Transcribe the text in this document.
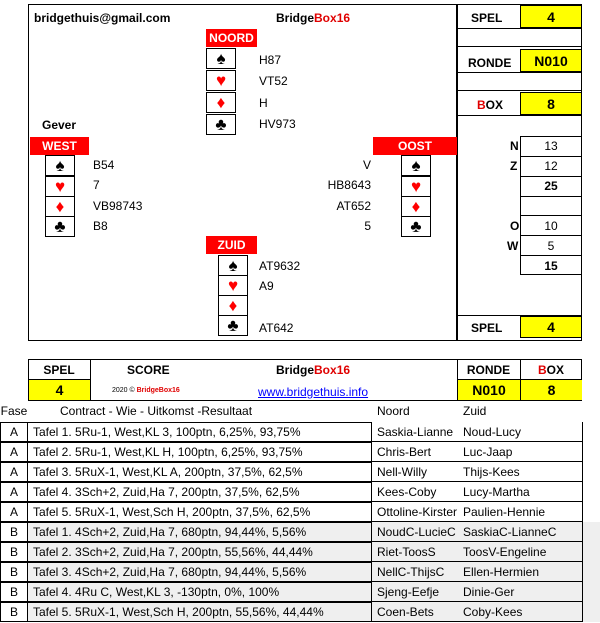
bridgethuis@gmail.com	BridgeBox16	SPEL	4
RONDE	N010
BOX	8
N	13
Z	12
25
O	10
W	5
15
SPEL	4
NOORD
♠	H87
♥	VT52
♦	H
♣	HV973
Gever
WEST
♠	B54
♥	7
♦	VB98743
♣	B8
OOST
♠
V
♥
HB8643
♦
AT652
♣
5
ZUID
♠	AT9632
♥	A9
♦
♣	AT642
SPEL	SCORE	BridgeBox16	RONDE	BOX
4	2020 © BridgeBox16	www.bridgethuis.info	N010	8
Fase	Contract - Wie - Uitkomst -Resultaat	Noord	Zuid
A	Tafel 1. 5Ru-1, West,KL 3, 100ptn, 6,25%, 93,75%	Saskia-Lianne Noud-Lucy
A	Tafel 2. 5Ru-1, West,KL H, 100ptn, 6,25%, 93,75%	Chris-Bert	Luc-Jaap
A	Tafel 3. 5RuX-1, West,KL A, 200ptn, 37,5%, 62,5%	Nell-Willy	Thijs-Kees
A	Tafel 4. 3Sch+2, Zuid,Ha 7, 200ptn, 37,5%, 62,5%	Kees-Coby	Lucy-Martha
A	Tafel 5. 5RuX-1, West,Sch H, 200ptn, 37,5%, 62,5%	Ottoline-Kirster Paulien-Hennie
B	Tafel 1. 4Sch+2, Zuid,Ha 7, 680ptn, 94,44%, 5,56%	NoudC-LucieC SaskiaC-LianneC
B	Tafel 2. 3Sch+2, Zuid,Ha 7, 200ptn, 55,56%, 44,44%	Riet-ToosS	ToosV-Engeline
B	Tafel 3. 4Sch+2, Zuid,Ha 7, 680ptn, 94,44%, 5,56%	NellC-ThijsC	Ellen-Hermien
B	Tafel 4. 4Ru C, West,KL 3, -130ptn, 0%, 100%	Sjeng-Eefje	Dinie-Ger
B	Tafel 5. 5RuX-1, West,Sch H, 200ptn, 55,56%, 44,44%	Coen-Bets	Coby-Kees
